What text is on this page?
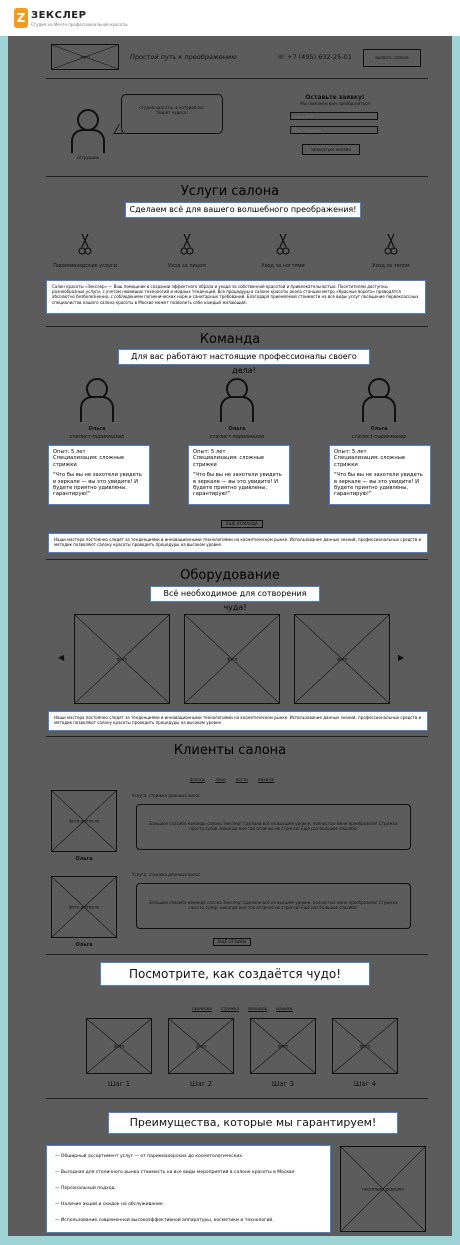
Z ЗЕКСЛЕР
Студия на Мечте профессиональной красоты
лого	Простой путь к преображению	☏ +7 (495) 632-25-01	вызвать салона
студия красоты, в которой вас творят чудеса!
сотрудник
Оставьте заявку!
Мы поможем вам преобразиться
ваше имя
ваш телефон
записаться онлайн
Услуги салона
Сделаем всё для вашего волшебного преображения!
Парикмахерские услуги	Уход за лицом	Уход за ногтями	Уход за телом
Салон красоты «Зекслер» — Ваш помощник в создании эффектного образа и ухода за собственной красотой и привлекательностью. Посетителям доступны разнообразные услуги, с учетом новейших технологий и модных тенденций. Все процедуры в салоне красоты около станции метро «Красные ворота» проводятся абсолютно безболезненно, с соблюдением гигиенических норм и санитарных требований. Благодаря приемлемой стоимости на все виды услуг посещение первоклассных специалистов нашего салона красоты в Москве может позволить себе каждый желающий.
Команда
Для вас работают настоящие профессионалы своего дела!
Ольга
стилист-парикмахер
Ольга
стилист-парикмахер
Ольга
стилист-парикмахер
Опыт: 5 лет
Специализация: сложные стрижки
"Что бы вы не захотели увидеть в зеркале — вы это увидите! И будете приятно удивлены, гарантирую!"
Опыт: 5 лет
Специализация: сложные стрижки
"Что бы вы не захотели увидеть в зеркале — вы это увидите! И будете приятно удивлены, гарантирую!"
Опыт: 5 лет
Специализация: сложные стрижки
"Что бы вы не захотели увидеть в зеркале — вы это увидите! И будете приятно удивлены, гарантирую!"
ЕЩЁ КОМАНДА
Наши мастера постоянно следят за тенденциями и инновационными технологиями на косметическом рынке. Использование данных знаний, профессиональных средств и методик позволяют салону красоты проводить процедуры на высоком уровне.
Оборудование
Всё необходимое для сотворения чуда!
◀	фото	фото	фото	▶
Наши мастера постоянно следят за тенденциями и инновационными технологиями на косметическом рынке. Использование данных знаний, профессиональных средств и методик позволяют салону красоты проводить процедуры на высоком уровне.
Клиенты салона
волосы	лицо	ногти	макияж
фото до/после
Ольга
Услуга: стрижка длинных волос
Большое спасибо команде салона Зекслер! Сделали всё на высшем уровне, полностью меня преобразили! Стрижка просто супер, никогда мне так отлично не стригли! Ещё раз большое спасибо!
фото до/после
Ольга
Услуга: стрижка длинных волос
Большое спасибо команде салона Зекслер! Сделали всё на высшем уровне, полностью меня преобразили! Стрижка просто супер, никогда мне так отлично не стригли! Ещё раз большое спасибо!
ЕЩЁ ОТЗЫВЫ
Посмотрите, как создаётся чудо!
прически стрижка маникюр макияж
фото	фото	фото	фото
Шаг 1	Шаг 2	Шаг 3	Шаг 4
Преимущества, которые мы гарантируем!
— Обширный ассортимент услуг — от парикмахерских до косметологических.
— Выгодная для столичного рынка стоимость на все виды мероприятий в салоне красоты в Москве
— Персональный подход.
— Наличие акций и скидок на обслуживание.
— Использование современной высокоэффективной аппаратуры, косметики и технологий.
несколько девушки
